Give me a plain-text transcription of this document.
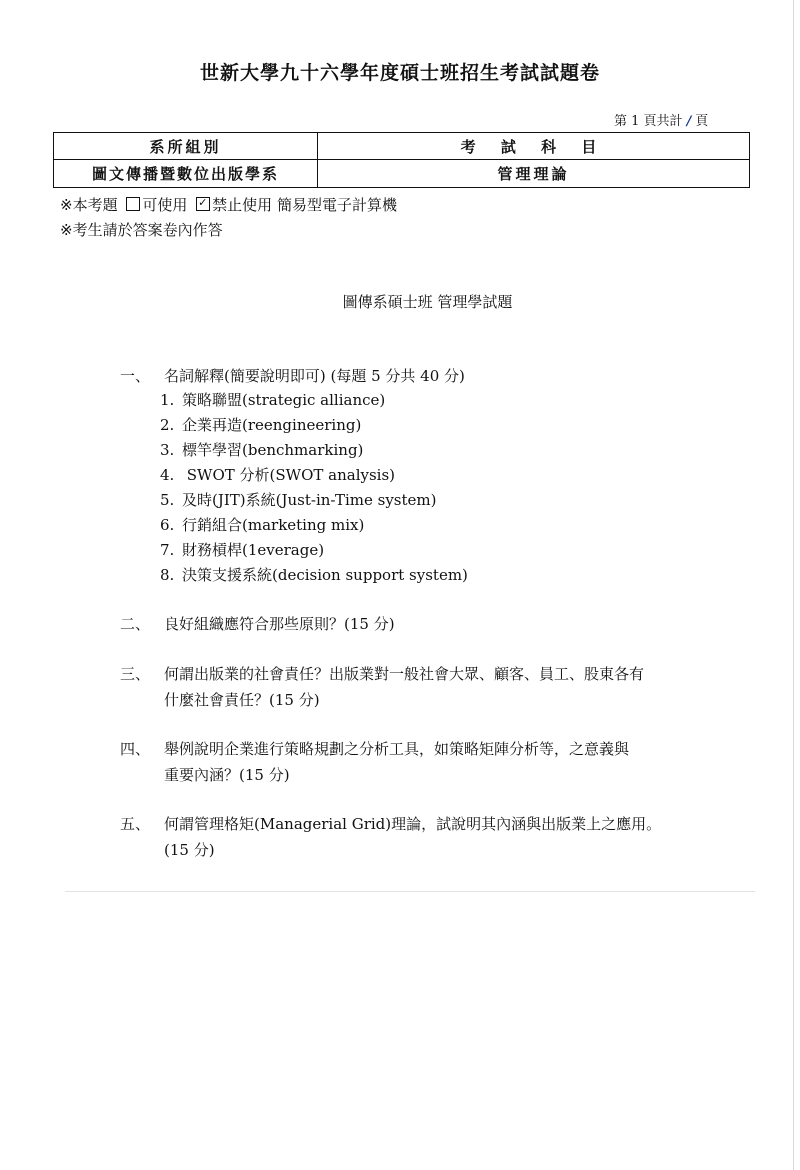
世新大學九十六學年度碩士班招生考試試題卷
第 1 頁共計 / 頁
系所組別	考 試 科 目
圖文傳播暨數位出版學系	管理理論
※本考題 可使用 ✓ 禁止使用 簡易型電子計算機
※考生請於答案卷內作答
圖傳系碩士班 管理學試題
一、 名詞解釋(簡要說明即可) (每題 5 分共 40 分)
1. 策略聯盟(strategic alliance)
2. 企業再造(reengineering)
3. 標竿學習(benchmarking)
4. SWOT 分析(SWOT analysis)
5. 及時(JIT)系統(Just-in-Time system)
6. 行銷組合(marketing mix)
7. 財務槓桿(1everage)
8. 決策支援系統(decision support system)
二、 良好組織應符合那些原則？(15 分)
三、 何謂出版業的社會責任？出版業對一般社會大眾、顧客、員工、股東各有
什麼社會責任？(15 分)
四、 舉例說明企業進行策略規劃之分析工具，如策略矩陣分析等，之意義與
重要內涵？(15 分)
五、 何謂管理格矩(Managerial Grid)理論，試說明其內涵與出版業上之應用。
(15 分)
